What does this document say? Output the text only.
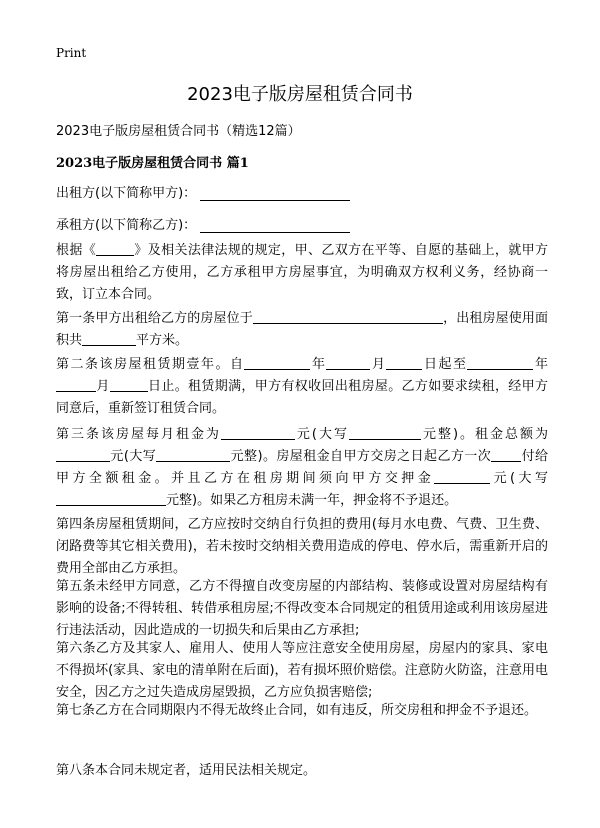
Print
2023电子版房屋租赁合同书
2023电子版房屋租赁合同书（精选12篇）
2023电子版房屋租赁合同书 篇1
出租方(以下简称甲方)：
承租方(以下简称乙方)：
根据《	》及相关法律法规的规定，甲、乙双方在平等、自愿的基础上，就甲方将房屋出租给乙方使用，乙方承租甲方房屋事宜，为明确双方权利义务，经协商一致，订立本合同。
第一条甲方出租给乙方的房屋位于	，出租房屋使用面积共	平方米。
第二条该房屋租赁期壹年。自	年	月	日起至	年月	日止。租赁期满，甲方有权收回出租房屋。乙方如要求续租，经甲方同意后，重新签订租赁合同。
第三条该房屋每月租金为	元(大写	元整)。租金总额为元(大写	元整)。房屋租金自甲方交房之日起乙方一次 付给甲方全额租金。并且乙方在租房期间须向甲方交押金	元(大写元整)。如果乙方租房未满一年，押金将不予退还。
第四条房屋租赁期间，乙方应按时交纳自行负担的费用(每月水电费、气费、卫生费、闭路费等其它相关费用)，若未按时交纳相关费用造成的停电、停水后，需重新开启的费用全部由乙方承担。
第五条未经甲方同意，乙方不得擅自改变房屋的内部结构、装修或设置对房屋结构有影响的设备;不得转租、转借承租房屋;不得改变本合同规定的租赁用途或利用该房屋进行违法活动，因此造成的一切损失和后果由乙方承担;
第六条乙方及其家人、雇用人、使用人等应注意安全使用房屋，房屋内的家具、家电不得损坏(家具、家电的清单附在后面)，若有损坏照价赔偿。注意防火防盗，注意用电安全，因乙方之过失造成房屋毁损，乙方应负损害赔偿;
第七条乙方在合同期限内不得无故终止合同，如有违反，所交房租和押金不予退还。
第八条本合同未规定者，适用民法相关规定。
